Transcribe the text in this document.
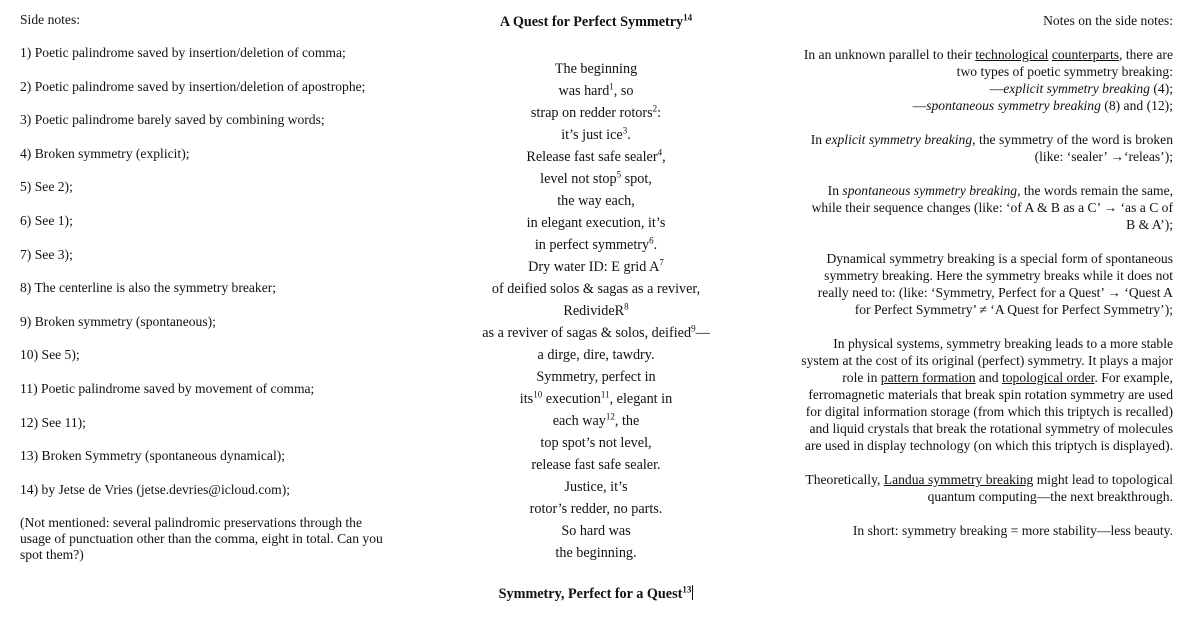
Side notes:
1) Poetic palindrome saved by insertion/deletion of comma;
2) Poetic palindrome saved by insertion/deletion of apostrophe;
3) Poetic palindrome barely saved by combining words;
4) Broken symmetry (explicit);
5) See 2);
6) See 1);
7) See 3);
8) The centerline is also the symmetry breaker;
9) Broken symmetry (spontaneous);
10) See 5);
11) Poetic palindrome saved by movement of comma;
12) See 11);
13) Broken Symmetry (spontaneous dynamical);
14) by Jetse de Vries (jetse.devries@icloud.com);
(Not mentioned: several palindromic preservations through the usage of punctuation other than the comma, eight in total. Can you spot them?)
A Quest for Perfect Symmetry$^{14}$
The beginning
was hard$^1$, so
strap on redder rotors$^2$:
it’s just ice$^3$.
Release fast safe sealer$^4$,
level not stop$^5$ spot,
the way each,
in elegant execution, it’s
in perfect symmetry$^6$.
Dry water ID: E grid $A^7$
of deified solos & sagas as a reviver,
RedivideR$^8$
as a reviver of sagas & solos, deified$^9$—
a dirge, dire, tawdry.
Symmetry, perfect in
its$^{10}$ execution$^{11}$, elegant in
each way$^{12}$, the
top spot’s not level,
release fast safe sealer.
Justice, it’s
rotor’s redder, no parts.
So hard was
the beginning.
Symmetry, Perfect for a Quest$^{13}$
Notes on the side notes:
In an unknown parallel to their technological counterparts, there are two types of poetic symmetry breaking:
—explicit symmetry breaking (4);
—spontaneous symmetry breaking (8) and (12);
In explicit symmetry breaking, the symmetry of the word is broken (like: ‘sealer’ →‘releas’);
In spontaneous symmetry breaking, the words remain the same, while their sequence changes (like: ‘of A & B as a C’ → ‘as a C of B & A’);
Dynamical symmetry breaking is a special form of spontaneous symmetry breaking. Here the symmetry breaks while it does not really need to: (like: ‘Symmetry, Perfect for a Quest’ → ‘Quest A for Perfect Symmetry’ ≠ ‘A Quest for Perfect Symmetry’);
In physical systems, symmetry breaking leads to a more stable system at the cost of its original (perfect) symmetry. It plays a major role in pattern formation and topological order. For example, ferromagnetic materials that break spin rotation symmetry are used for digital information storage (from which this triptych is recalled) and liquid crystals that break the rotational symmetry of molecules are used in display technology (on which this triptych is displayed).
Theoretically, Landua symmetry breaking might lead to topological quantum computing—the next breakthrough.
In short: symmetry breaking = more stability—less beauty.
